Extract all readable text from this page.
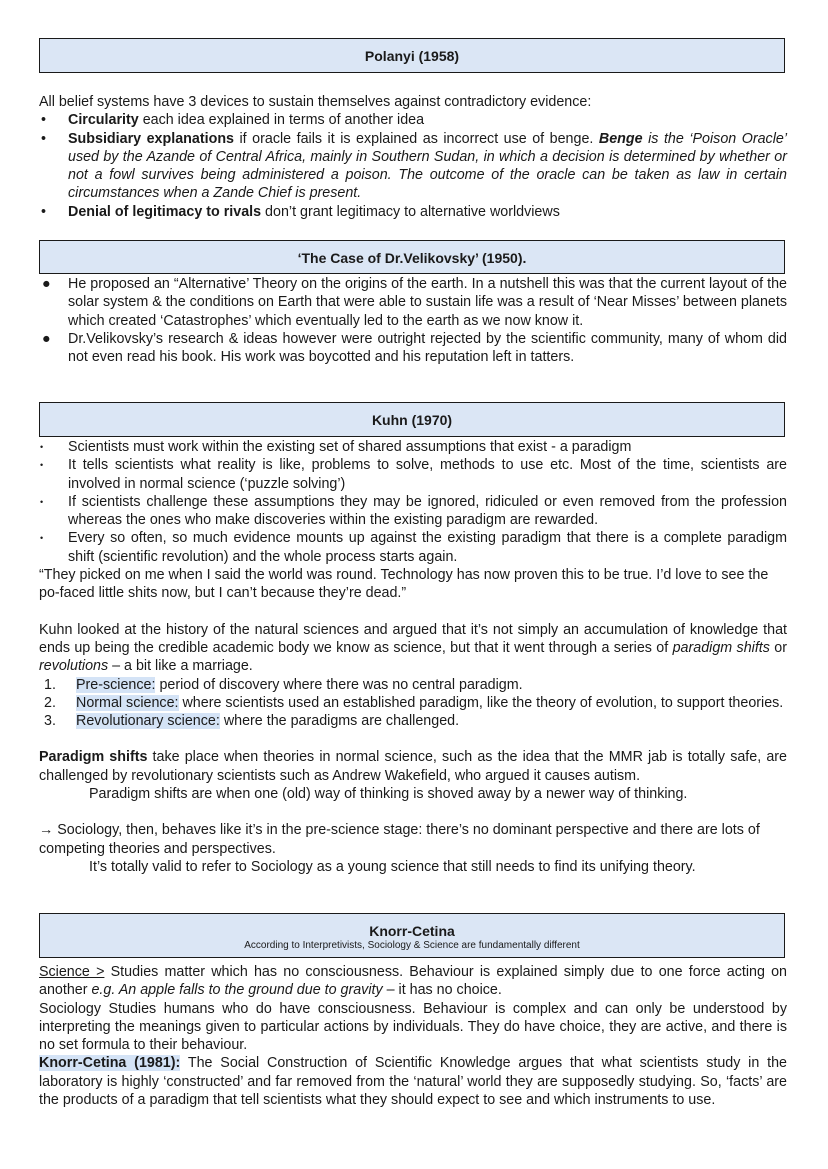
Polanyi (1958)

All belief systems have 3 devices to sustain themselves against contradictory evidence:

• Circularity each idea explained in terms of another idea
• Subsidiary explanations if oracle fails it is explained as incorrect use of benge. Benge is the ‘Poison Oracle’ used by the Azande of Central Africa, mainly in Southern Sudan, in which a decision is determined by whether or not a fowl survives being administered a poison. The outcome of the oracle can be taken as law in certain circumstances when a Zande Chief is present.
• Denial of legitimacy to rivals don’t grant legitimacy to alternative worldviews
‘The Case of Dr.Velikovsky’ (1950).
● He proposed an “Alternative’ Theory on the origins of the earth. In a nutshell this was that the current layout of the solar system & the conditions on Earth that were able to sustain life was a result of ‘Near Misses’ between planets which created ‘Catastrophes’ which eventually led to the earth as we now know it.
● Dr.Velikovsky’s research & ideas however were outright rejected by the scientific community, many of whom did not even read his book. His work was boycotted and his reputation left in tatters.
Kuhn (1970)
• Scientists must work within the existing set of shared assumptions that exist - a paradigm
• It tells scientists what reality is like, problems to solve, methods to use etc. Most of the time, scientists are involved in normal science (‘puzzle solving’)
• If scientists challenge these assumptions they may be ignored, ridiculed or even removed from the profession whereas the ones who make discoveries within the existing paradigm are rewarded.
• Every so often, so much evidence mounts up against the existing paradigm that there is a complete paradigm shift (scientific revolution) and the whole process starts again.

“They picked on me when I said the world was round. Technology has now proven this to be true. I’d love to see the po-faced little shits now, but I can’t because they’re dead.”

Kuhn looked at the history of the natural sciences and argued that it’s not simply an accumulation of knowledge that ends up being the credible academic body we know as science, but that it went through a series of paradigm shifts or revolutions – a bit like a marriage.

1. Pre-science: period of discovery where there was no central paradigm.
2. Normal science: where scientists used an established paradigm, like the theory of evolution, to support theories.
3. Revolutionary science: where the paradigms are challenged.

Paradigm shifts take place when theories in normal science, such as the idea that the MMR jab is totally safe, are challenged by revolutionary scientists such as Andrew Wakefield, who argued it causes autism.

Paradigm shifts are when one (old) way of thinking is shoved away by a newer way of thinking.

→ Sociology, then, behaves like it’s in the pre-science stage: there’s no dominant perspective and there are lots of competing theories and perspectives.

It’s totally valid to refer to Sociology as a young science that still needs to find its unifying theory.

Knorr-Cetina
According to Interpretivists, Sociology & Science are fundamentally different

Science > Studies matter which has no consciousness. Behaviour is explained simply due to one force acting on another e.g. An apple falls to the ground due to gravity – it has no choice.

Sociology Studies humans who do have consciousness. Behaviour is complex and can only be understood by interpreting the meanings given to particular actions by individuals. They do have choice, they are active, and there is no set formula to their behaviour.

Knorr-Cetina (1981): The Social Construction of Scientific Knowledge argues that what scientists study in the laboratory is highly ‘constructed’ and far removed from the ‘natural’ world they are supposedly studying. So, ‘facts’ are the products of a paradigm that tell scientists what they should expect to see and which instruments to use.
